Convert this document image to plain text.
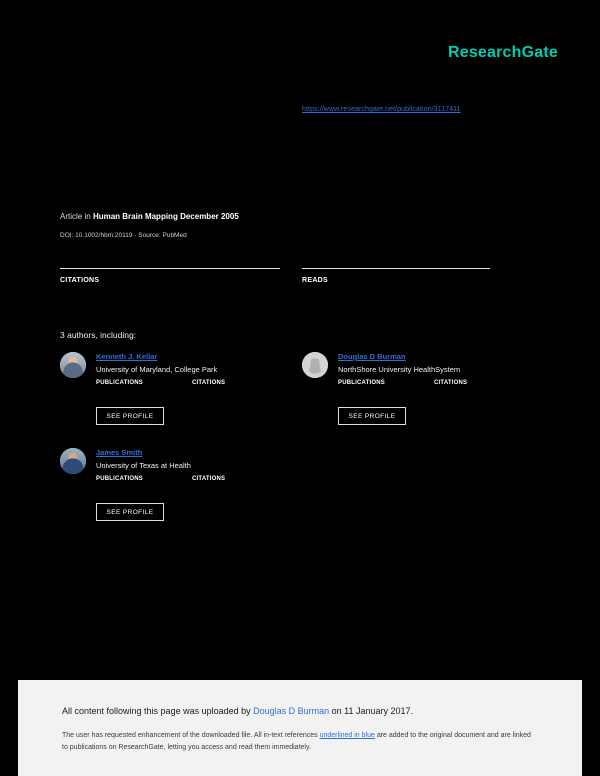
ResearchGate
https://www.researchgate.net/publication/3117411
Article in Human Brain Mapping December 2005
DOI: 10.1002/hbm.20119 · Source: PubMed
CITATIONS	READS
3 authors, including:
Kenneth J. Kellar
University of Maryland, College Park
PUBLICATIONS	CITATIONS
SEE PROFILE
James Smith
University of Texas at Health
PUBLICATIONS	CITATIONS
SEE PROFILE
Douglas D Burman
NorthShore University HealthSystem
PUBLICATIONS	CITATIONS
SEE PROFILE
All content following this page was uploaded by Douglas D Burman on 11 January 2017.
The user has requested enhancement of the downloaded file. All in-text references underlined in blue are added to the original document and are linked to publications on ResearchGate, letting you access and read them immediately.
